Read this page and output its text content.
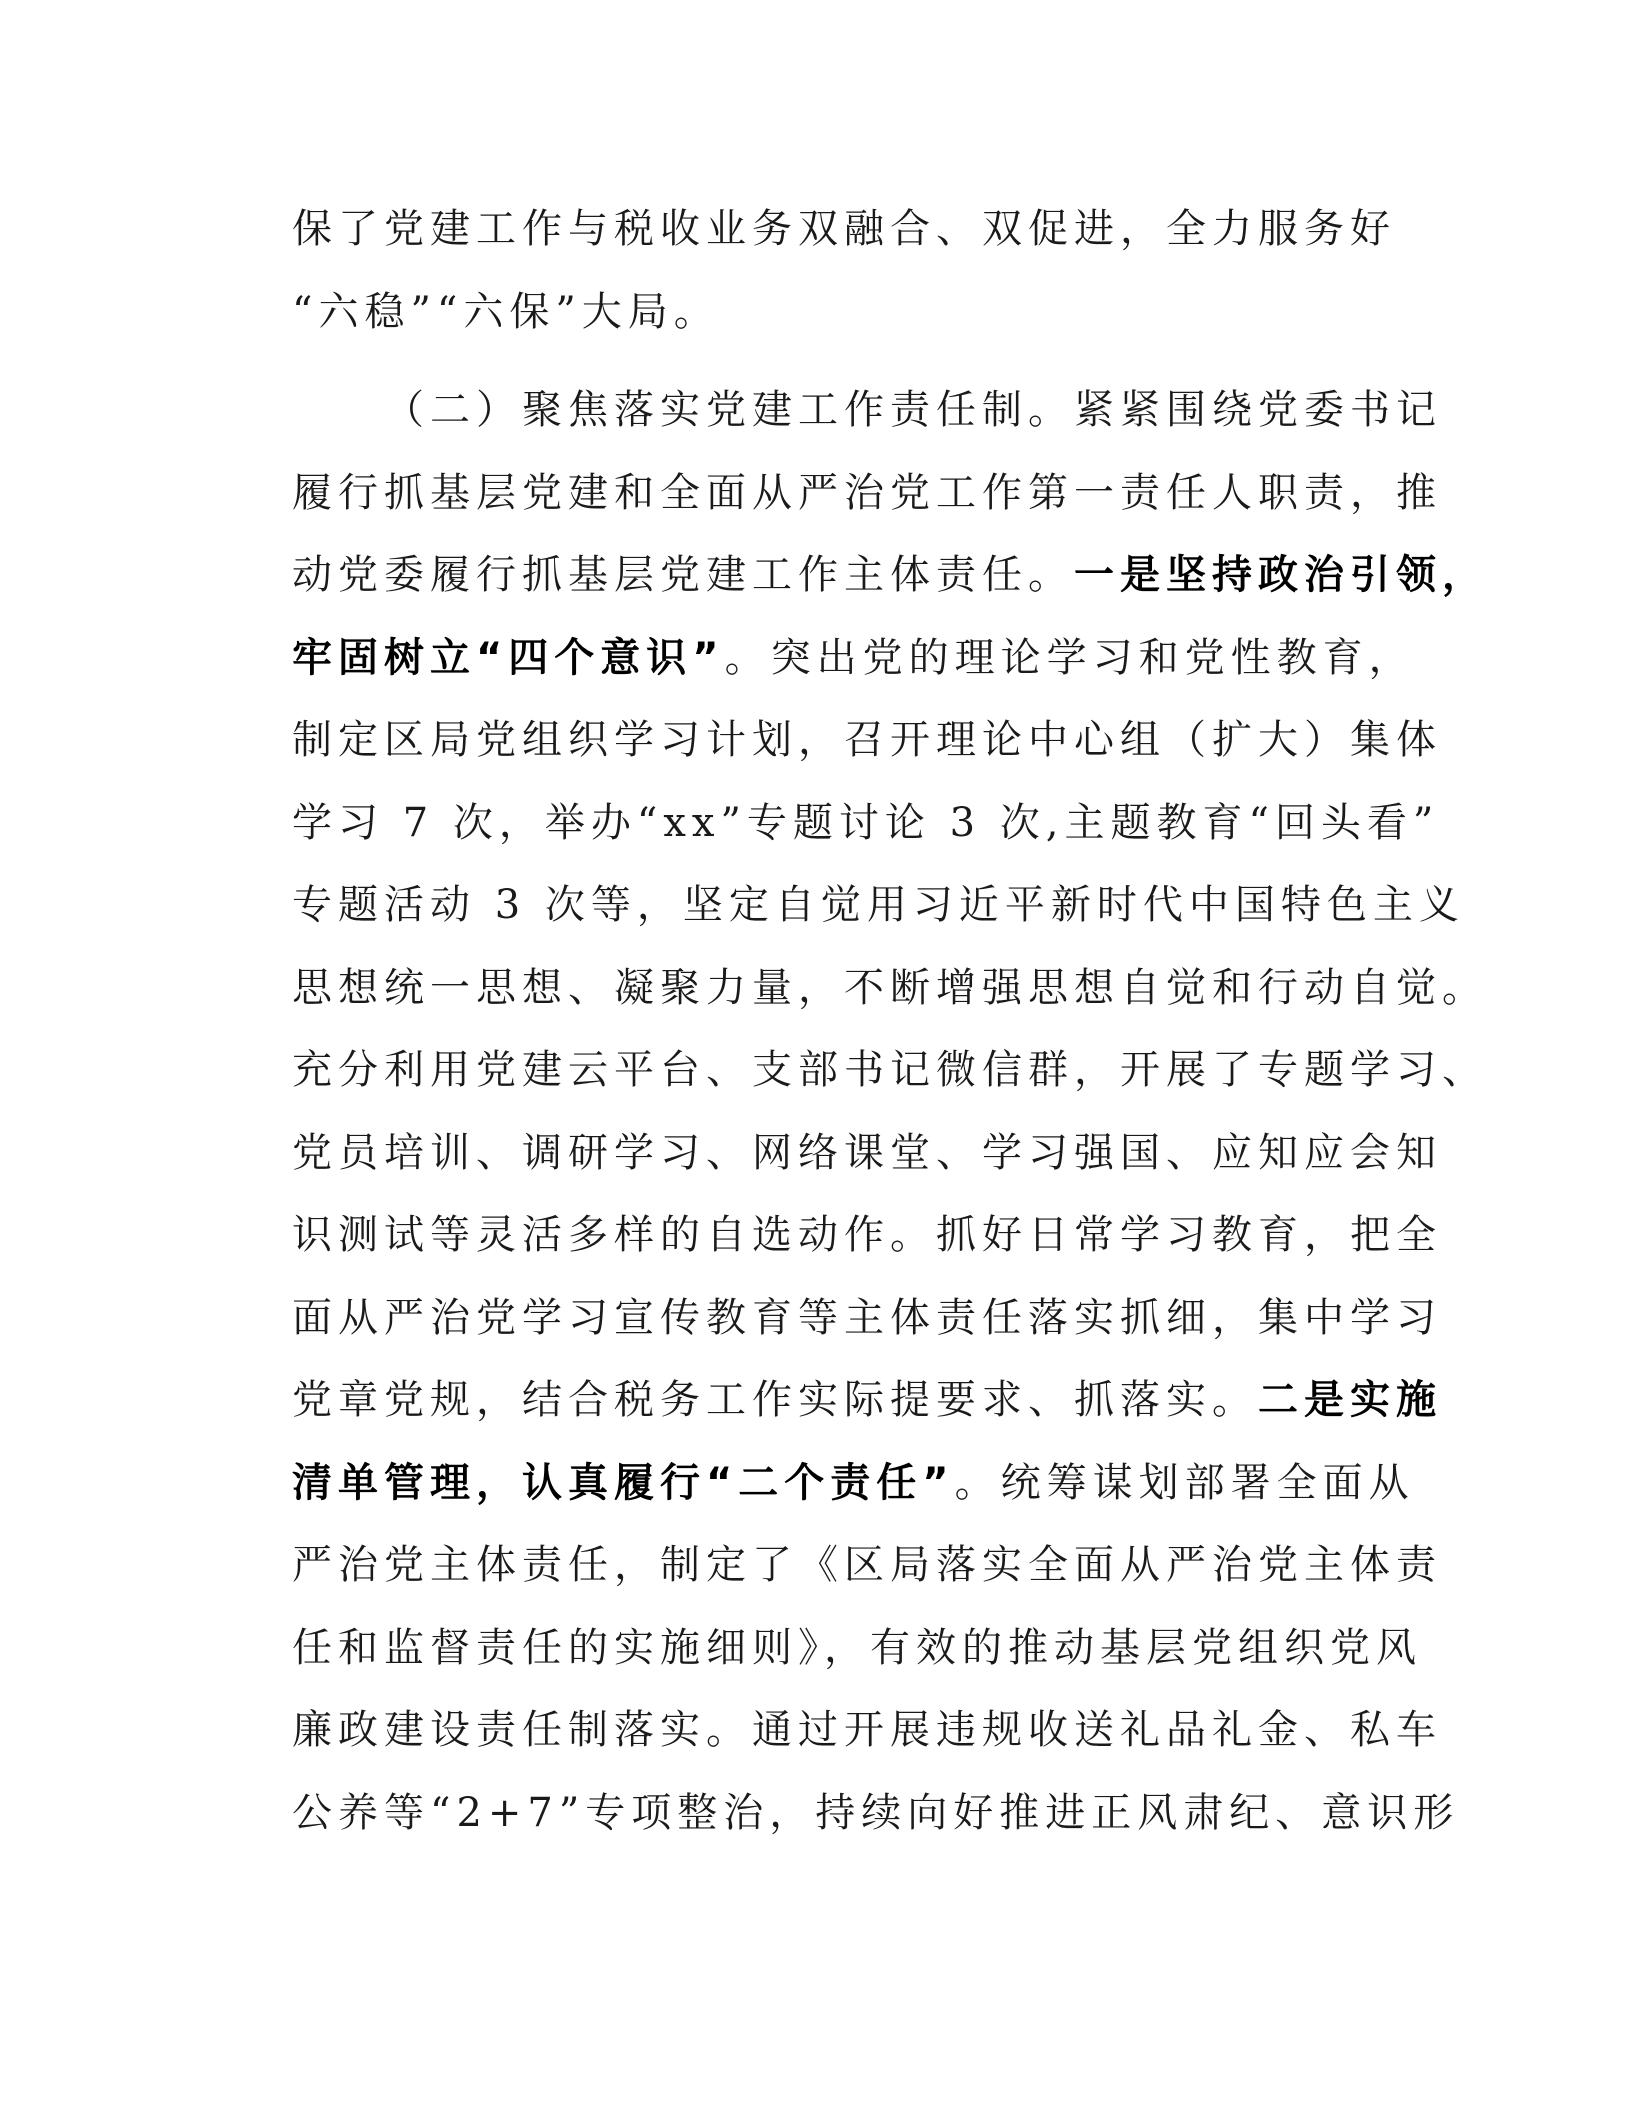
保了党建工作与税收业务双融合、双促进，全力服务好
“六稳”“六保”大局。
（二）聚焦落实党建工作责任制。紧紧围绕党委书记
履行抓基层党建和全面从严治党工作第一责任人职责，推
动党委履行抓基层党建工作主体责任。一是坚持政治引领，
牢固树立“四个意识”。突出党的理论学习和党性教育，
制定区局党组织学习计划，召开理论中心组（扩大）集体
学习 7 次，举办“xx”专题讨论 3 次,主题教育“回头看”
专题活动 3 次等，坚定自觉用习近平新时代中国特色主义
思想统一思想、凝聚力量，不断增强思想自觉和行动自觉。
充分利用党建云平台、支部书记微信群，开展了专题学习、
党员培训、调研学习、网络课堂、学习强国、应知应会知
识测试等灵活多样的自选动作。抓好日常学习教育，把全
面从严治党学习宣传教育等主体责任落实抓细，集中学习
党章党规，结合税务工作实际提要求、抓落实。二是实施
清单管理，认真履行“二个责任”。统筹谋划部署全面从
严治党主体责任，制定了《区局落实全面从严治党主体责
任和监督责任的实施细则》，有效的推动基层党组织党风
廉政建设责任制落实。通过开展违规收送礼品礼金、私车
公养等“2+7”专项整治，持续向好推进正风肃纪、意识形
